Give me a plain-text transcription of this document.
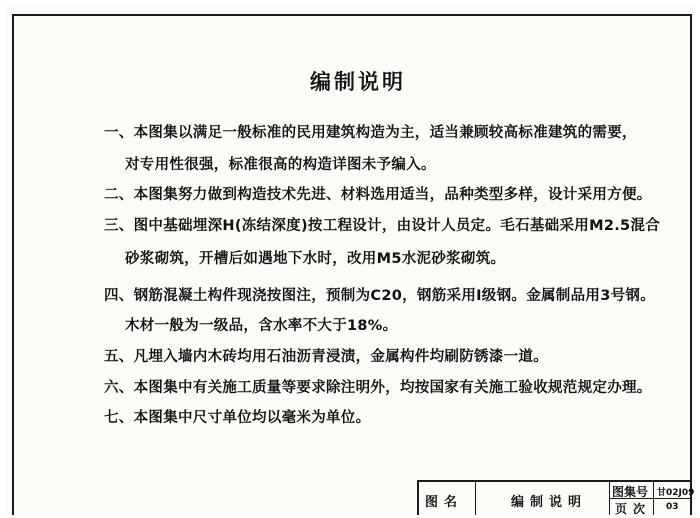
编制说明
一、本图集以满足一般标准的民用建筑构造为主，适当兼顾较高标准建筑的需要，
对专用性很强，标准很高的构造详图未予编入。
二、本图集努力做到构造技术先进、材料选用适当，品种类型多样，设计采用方便。
三、图中基础埋深H(冻结深度)按工程设计，由设计人员定。毛石基础采用M2.5混合
砂浆砌筑，开槽后如遇地下水时，改用M5水泥砂浆砌筑。
四、钢筋混凝土构件现浇按图注，预制为C20，钢筋采用I级钢。金属制品用3号钢。
木材一般为一级品，含水率不大于18%。
五、凡埋入墙内木砖均用石油沥青浸渍，金属构件均刷防锈漆一道。
六、本图集中有关施工质量等要求除注明外，均按国家有关施工验收规范规定办理。
七、本图集中尺寸单位均以毫米为单位。
图名	编制说明
图集号 甘02J09
页次 03
